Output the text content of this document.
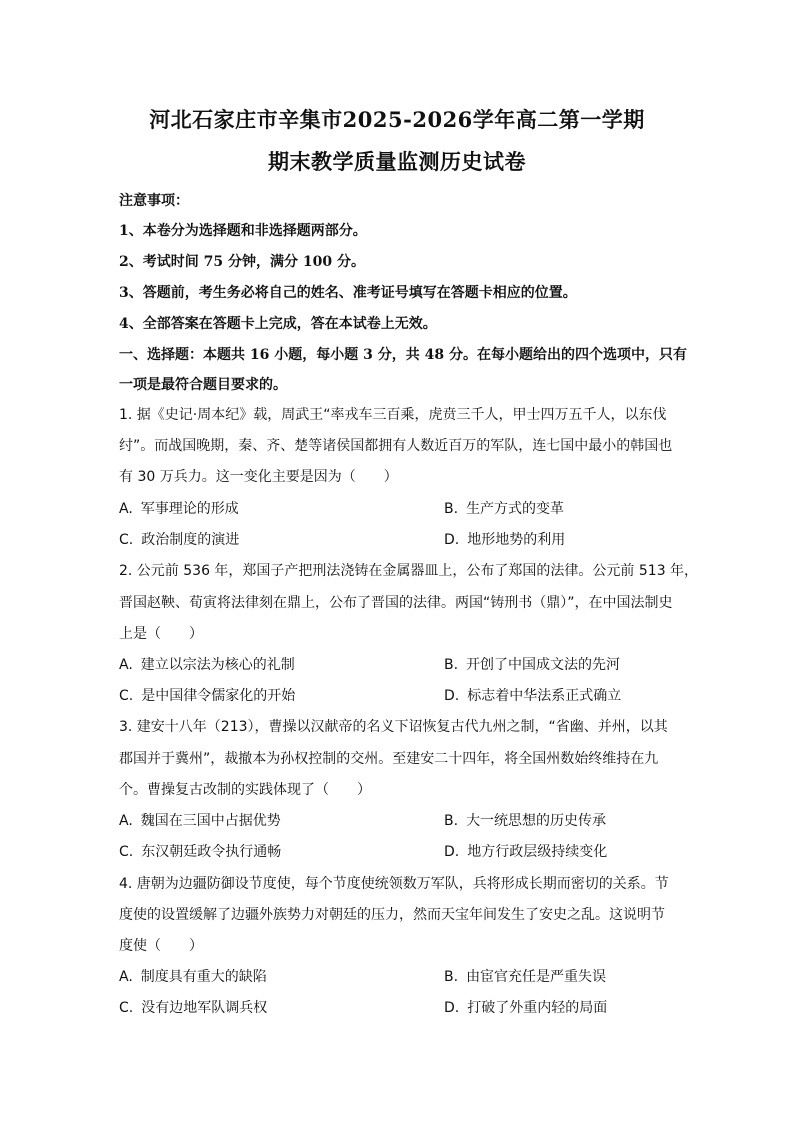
河北石家庄市辛集市2025-2026学年高二第一学期
期末教学质量监测历史试卷
注意事项：
1、本卷分为选择题和非选择题两部分。
2、考试时间 75 分钟，满分 100 分。
3、答题前，考生务必将自己的姓名、准考证号填写在答题卡相应的位置。
4、全部答案在答题卡上完成，答在本试卷上无效。
一、选择题：本题共 16 小题，每小题 3 分，共 48 分。在每小题给出的四个选项中，只有
一项是最符合题目要求的。
1. 据《史记·周本纪》载，周武王“率戎车三百乘，虎贲三千人，甲士四万五千人，以东伐
纣”。而战国晚期，秦、齐、楚等诸侯国都拥有人数近百万的军队，连七国中最小的韩国也
有 30 万兵力。这一变化主要是因为（　　）
A. 军事理论的形成	B. 生产方式的变革
C. 政治制度的演进	D. 地形地势的利用
2. 公元前 536 年，郑国子产把刑法浇铸在金属器皿上，公布了郑国的法律。公元前 513 年，
晋国赵鞅、荀寅将法律刻在鼎上，公布了晋国的法律。两国“铸刑书（鼎）”，在中国法制史
上是（　　）
A. 建立以宗法为核心的礼制	B. 开创了中国成文法的先河
C. 是中国律令儒家化的开始	D. 标志着中华法系正式确立
3. 建安十八年（213），曹操以汉献帝的名义下诏恢复古代九州之制，“省幽、并州，以其
郡国并于冀州”，裁撤本为孙权控制的交州。至建安二十四年，将全国州数始终维持在九
个。曹操复古改制的实践体现了（　　）
A. 魏国在三国中占据优势	B. 大一统思想的历史传承
C. 东汉朝廷政令执行通畅	D. 地方行政层级持续变化
4. 唐朝为边疆防御设节度使，每个节度使统领数万军队，兵将形成长期而密切的关系。节
度使的设置缓解了边疆外族势力对朝廷的压力，然而天宝年间发生了安史之乱。这说明节
度使（　　）
A. 制度具有重大的缺陷	B. 由宦官充任是严重失误
C. 没有边地军队调兵权	D. 打破了外重内轻的局面
